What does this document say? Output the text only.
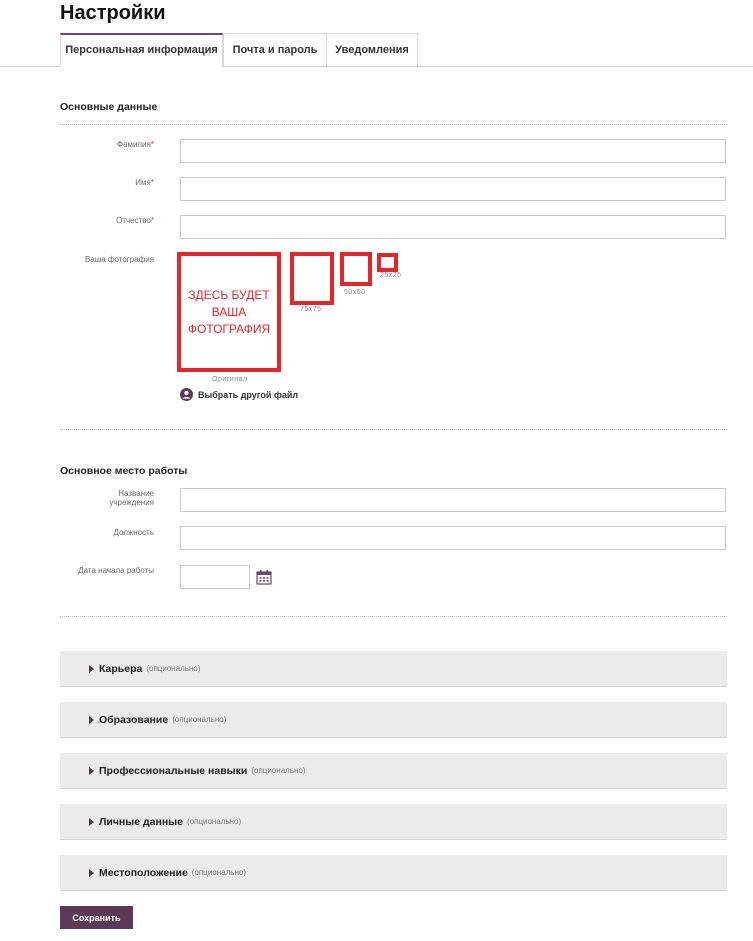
Настройки
Персональная информация	Почта и пароль	Уведомления
Основные данные
Фамилия*
Имя*
Отчество*
Ваша фотография
ЗДЕСЬ БУДЕТ
ВАША
ФОТОГРАФИЯ
Оригинал
75x75
50x50
25x25
Выбрать другой файл
Основное место работы
Название учреждения
Должность
Дата начала работы
Карьера (опционально)
Образование (опционально)
Профессиональные навыки (опционально)
Личные данные (опционально)
Местоположение (опционально)
Сохранить
